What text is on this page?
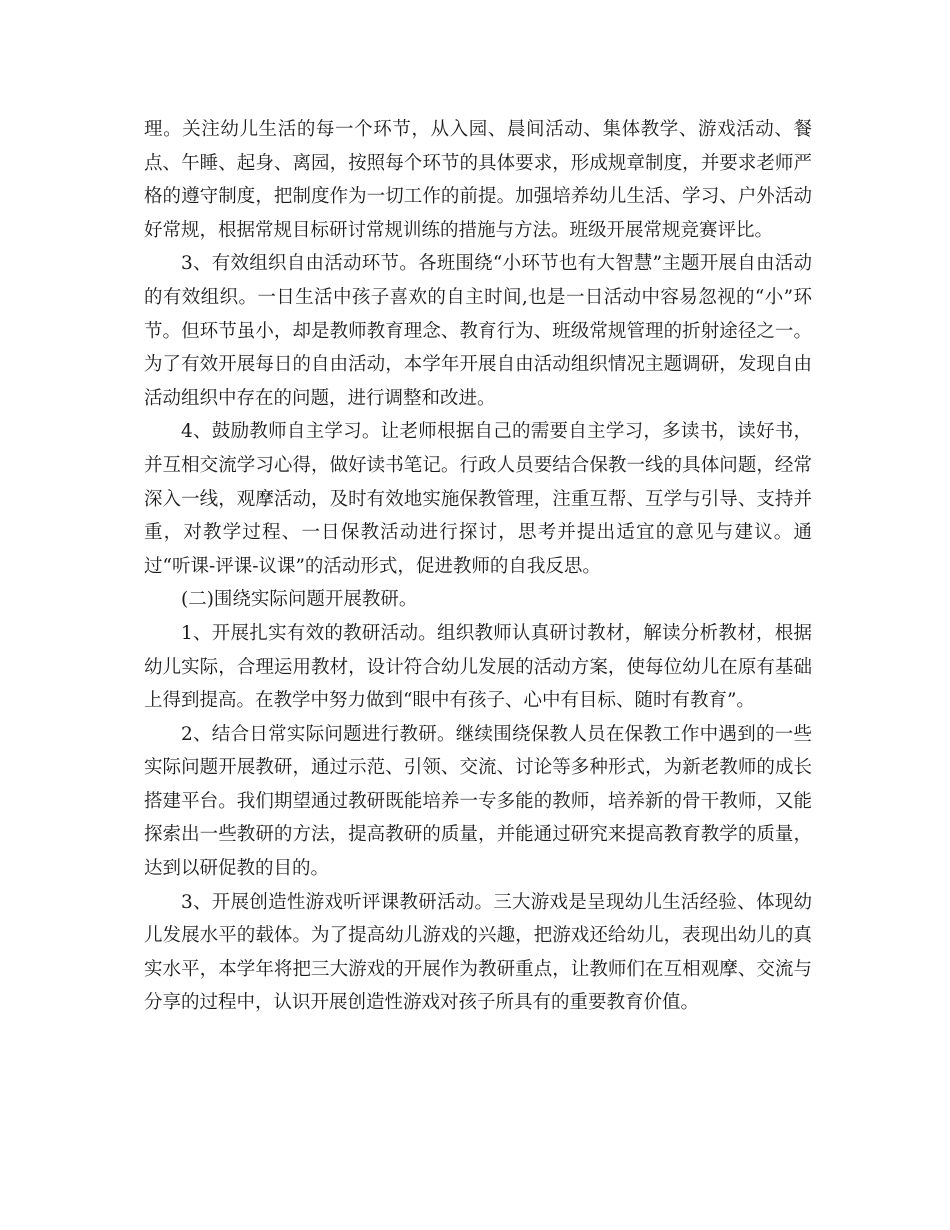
理。关注幼儿生活的每一个环节，从入园、晨间活动、集体教学、游戏活动、餐点、午睡、起身、离园，按照每个环节的具体要求，形成规章制度，并要求老师严格的遵守制度，把制度作为一切工作的前提。加强培养幼儿生活、学习、户外活动好常规，根据常规目标研讨常规训练的措施与方法。班级开展常规竞赛评比。

3、有效组织自由活动环节。各班围绕“小环节也有大智慧”主题开展自由活动的有效组织。一日生活中孩子喜欢的自主时间,也是一日活动中容易忽视的“小”环节。但环节虽小，却是教师教育理念、教育行为、班级常规管理的折射途径之一。为了有效开展每日的自由活动，本学年开展自由活动组织情况主题调研，发现自由活动组织中存在的问题，进行调整和改进。

4、鼓励教师自主学习。让老师根据自己的需要自主学习，多读书，读好书，并互相交流学习心得，做好读书笔记。行政人员要结合保教一线的具体问题，经常深入一线，观摩活动，及时有效地实施保教管理，注重互帮、互学与引导、支持并重，对教学过程、一日保教活动进行探讨，思考并提出适宜的意见与建议。通过“听课-评课-议课”的活动形式，促进教师的自我反思。

(二)围绕实际问题开展教研。

1、开展扎实有效的教研活动。组织教师认真研讨教材，解读分析教材，根据幼儿实际，合理运用教材，设计符合幼儿发展的活动方案，使每位幼儿在原有基础上得到提高。在教学中努力做到“眼中有孩子、心中有目标、随时有教育”。

2、结合日常实际问题进行教研。继续围绕保教人员在保教工作中遇到的一些实际问题开展教研，通过示范、引领、交流、讨论等多种形式，为新老教师的成长搭建平台。我们期望通过教研既能培养一专多能的教师，培养新的骨干教师，又能探索出一些教研的方法，提高教研的质量，并能通过研究来提高教育教学的质量，达到以研促教的目的。

3、开展创造性游戏听评课教研活动。三大游戏是呈现幼儿生活经验、体现幼儿发展水平的载体。为了提高幼儿游戏的兴趣，把游戏还给幼儿，表现出幼儿的真实水平，本学年将把三大游戏的开展作为教研重点，让教师们在互相观摩、交流与分享的过程中，认识开展创造性游戏对孩子所具有的重要教育价值。
